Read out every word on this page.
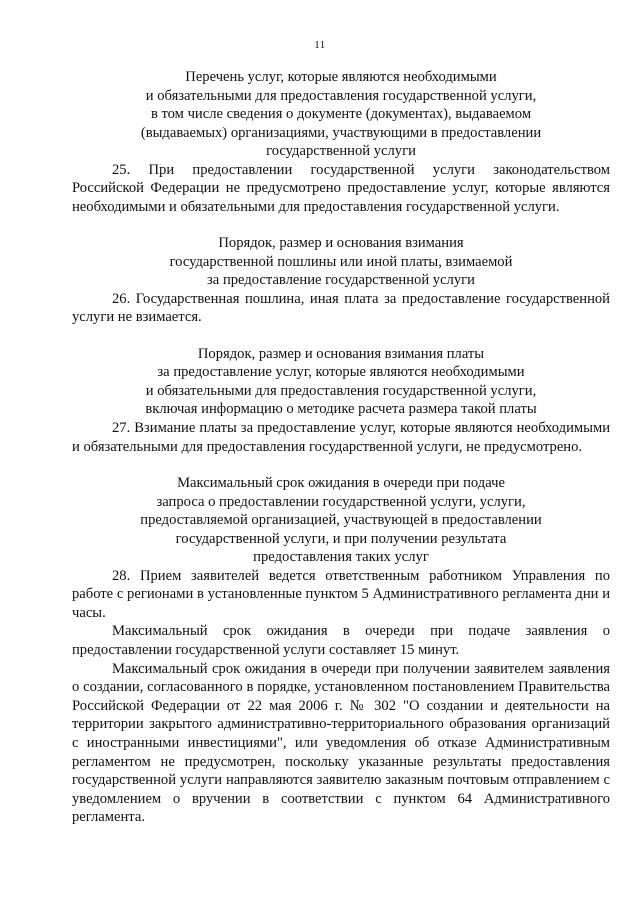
11
Перечень услуг, которые являются необходимыми
и обязательными для предоставления государственной услуги,
в том числе сведения о документе (документах), выдаваемом
(выдаваемых) организациями, участвующими в предоставлении
государственной услуги

25. При предоставлении государственной услуги законодательством Российской Федерации не предусмотрено предоставление услуг, которые являются необходимыми и обязательными для предоставления государственной услуги.

Порядок, размер и основания взимания
государственной пошлины или иной платы, взимаемой
за предоставление государственной услуги

26. Государственная пошлина, иная плата за предоставление государственной услуги не взимается.

Порядок, размер и основания взимания платы
за предоставление услуг, которые являются необходимыми
и обязательными для предоставления государственной услуги,
включая информацию о методике расчета размера такой платы

27. Взимание платы за предоставление услуг, которые являются необходимыми и обязательными для предоставления государственной услуги, не предусмотрено.

Максимальный срок ожидания в очереди при подаче
запроса о предоставлении государственной услуги, услуги,
предоставляемой организацией, участвующей в предоставлении
государственной услуги, и при получении результата
предоставления таких услуг

28. Прием заявителей ведется ответственным работником Управления по работе с регионами в установленные пунктом 5 Административного регламента дни и часы.

Максимальный срок ожидания в очереди при подаче заявления о предоставлении государственной услуги составляет 15 минут.

Максимальный срок ожидания в очереди при получении заявителем заявления о создании, согласованного в порядке, установленном постановлением Правительства Российской Федерации от 22 мая 2006 г. № 302 "О создании и деятельности на территории закрытого административно-территориального образования организаций с иностранными инвестициями", или уведомления об отказе Административным регламентом не предусмотрен, поскольку указанные результаты предоставления государственной услуги направляются заявителю заказным почтовым отправлением с уведомлением о вручении в соответствии с пунктом 64 Административного регламента.
